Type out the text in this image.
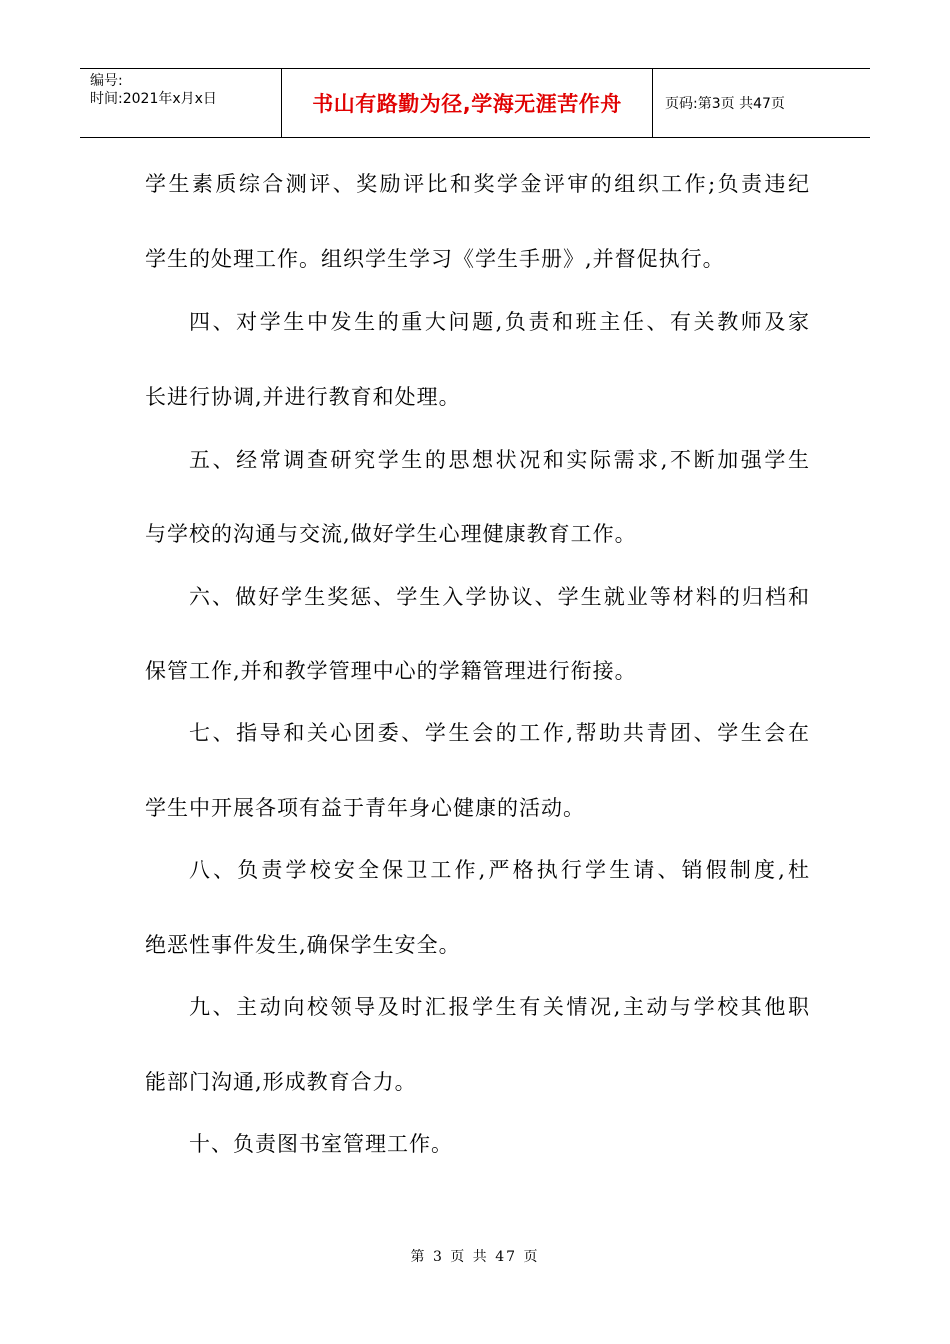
编号:
时间:2021年x月x日	书山有路勤为径,学海无涯苦作舟	页码:第3页 共47页
学生素质综合测评、奖励评比和奖学金评审的组织工作;负责违纪
学生的处理工作。组织学生学习《学生手册》,并督促执行。
四、对学生中发生的重大问题,负责和班主任、有关教师及家
长进行协调,并进行教育和处理。
五、经常调查研究学生的思想状况和实际需求,不断加强学生
与学校的沟通与交流,做好学生心理健康教育工作。
六、做好学生奖惩、学生入学协议、学生就业等材料的归档和
保管工作,并和教学管理中心的学籍管理进行衔接。
七、指导和关心团委、学生会的工作,帮助共青团、学生会在
学生中开展各项有益于青年身心健康的活动。
八、负责学校安全保卫工作,严格执行学生请、销假制度,杜
绝恶性事件发生,确保学生安全。
九、主动向校领导及时汇报学生有关情况,主动与学校其他职
能部门沟通,形成教育合力。
十、负责图书室管理工作。
第 3 页 共 47 页
